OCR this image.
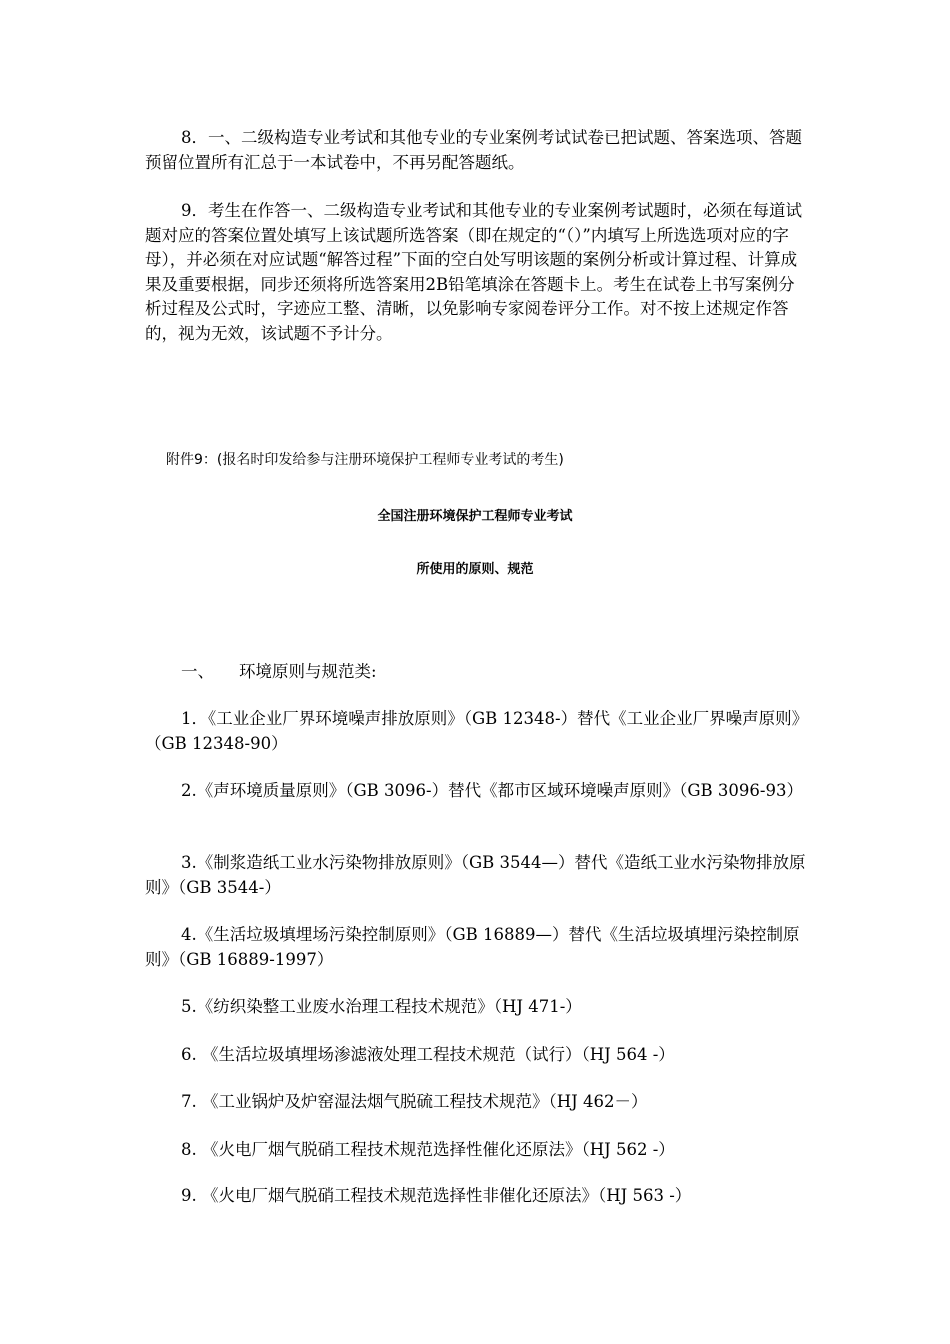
8．一、二级构造专业考试和其他专业的专业案例考试试卷已把试题、答案选项、答题预留位置所有汇总于一本试卷中，不再另配答题纸。

9．考生在作答一、二级构造专业考试和其他专业的专业案例考试题时，必须在每道试题对应的答案位置处填写上该试题所选答案（即在规定的“（）”内填写上所选选项对应的字母），并必须在对应试题“解答过程”下面的空白处写明该题的案例分析或计算过程、计算成果及重要根据，同步还须将所选答案用2B铅笔填涂在答题卡上。考生在试卷上书写案例分析过程及公式时，字迹应工整、清晰，以免影响专家阅卷评分工作。对不按上述规定作答的，视为无效，该试题不予计分。

附件9：(报名时印发给参与注册环境保护工程师专业考试的考生)
全国注册环境保护工程师专业考试
所使用的原则、规范
一、 环境原则与规范类:

1．《工业企业厂界环境噪声排放原则》（GB 12348-）替代《工业企业厂界噪声原则》（GB 12348-90）

2.《声环境质量原则》（GB 3096-）替代《都市区域环境噪声原则》（GB 3096-93）

3.《制浆造纸工业水污染物排放原则》（GB 3544—）替代《造纸工业水污染物排放原则》（GB 3544-）

4.《生活垃圾填埋场污染控制原则》（GB 16889—）替代《生活垃圾填埋污染控制原则》（GB 16889-1997）

5.《纺织染整工业废水治理工程技术规范》（HJ 471-）

6. 《生活垃圾填埋场渗滤液处理工程技术规范（试行）（HJ 564 -）

7. 《工业锅炉及炉窑湿法烟气脱硫工程技术规范》（HJ 462－）

8. 《火电厂烟气脱硝工程技术规范选择性催化还原法》（HJ 562 -）

9. 《火电厂烟气脱硝工程技术规范选择性非催化还原法》（HJ 563 -）
